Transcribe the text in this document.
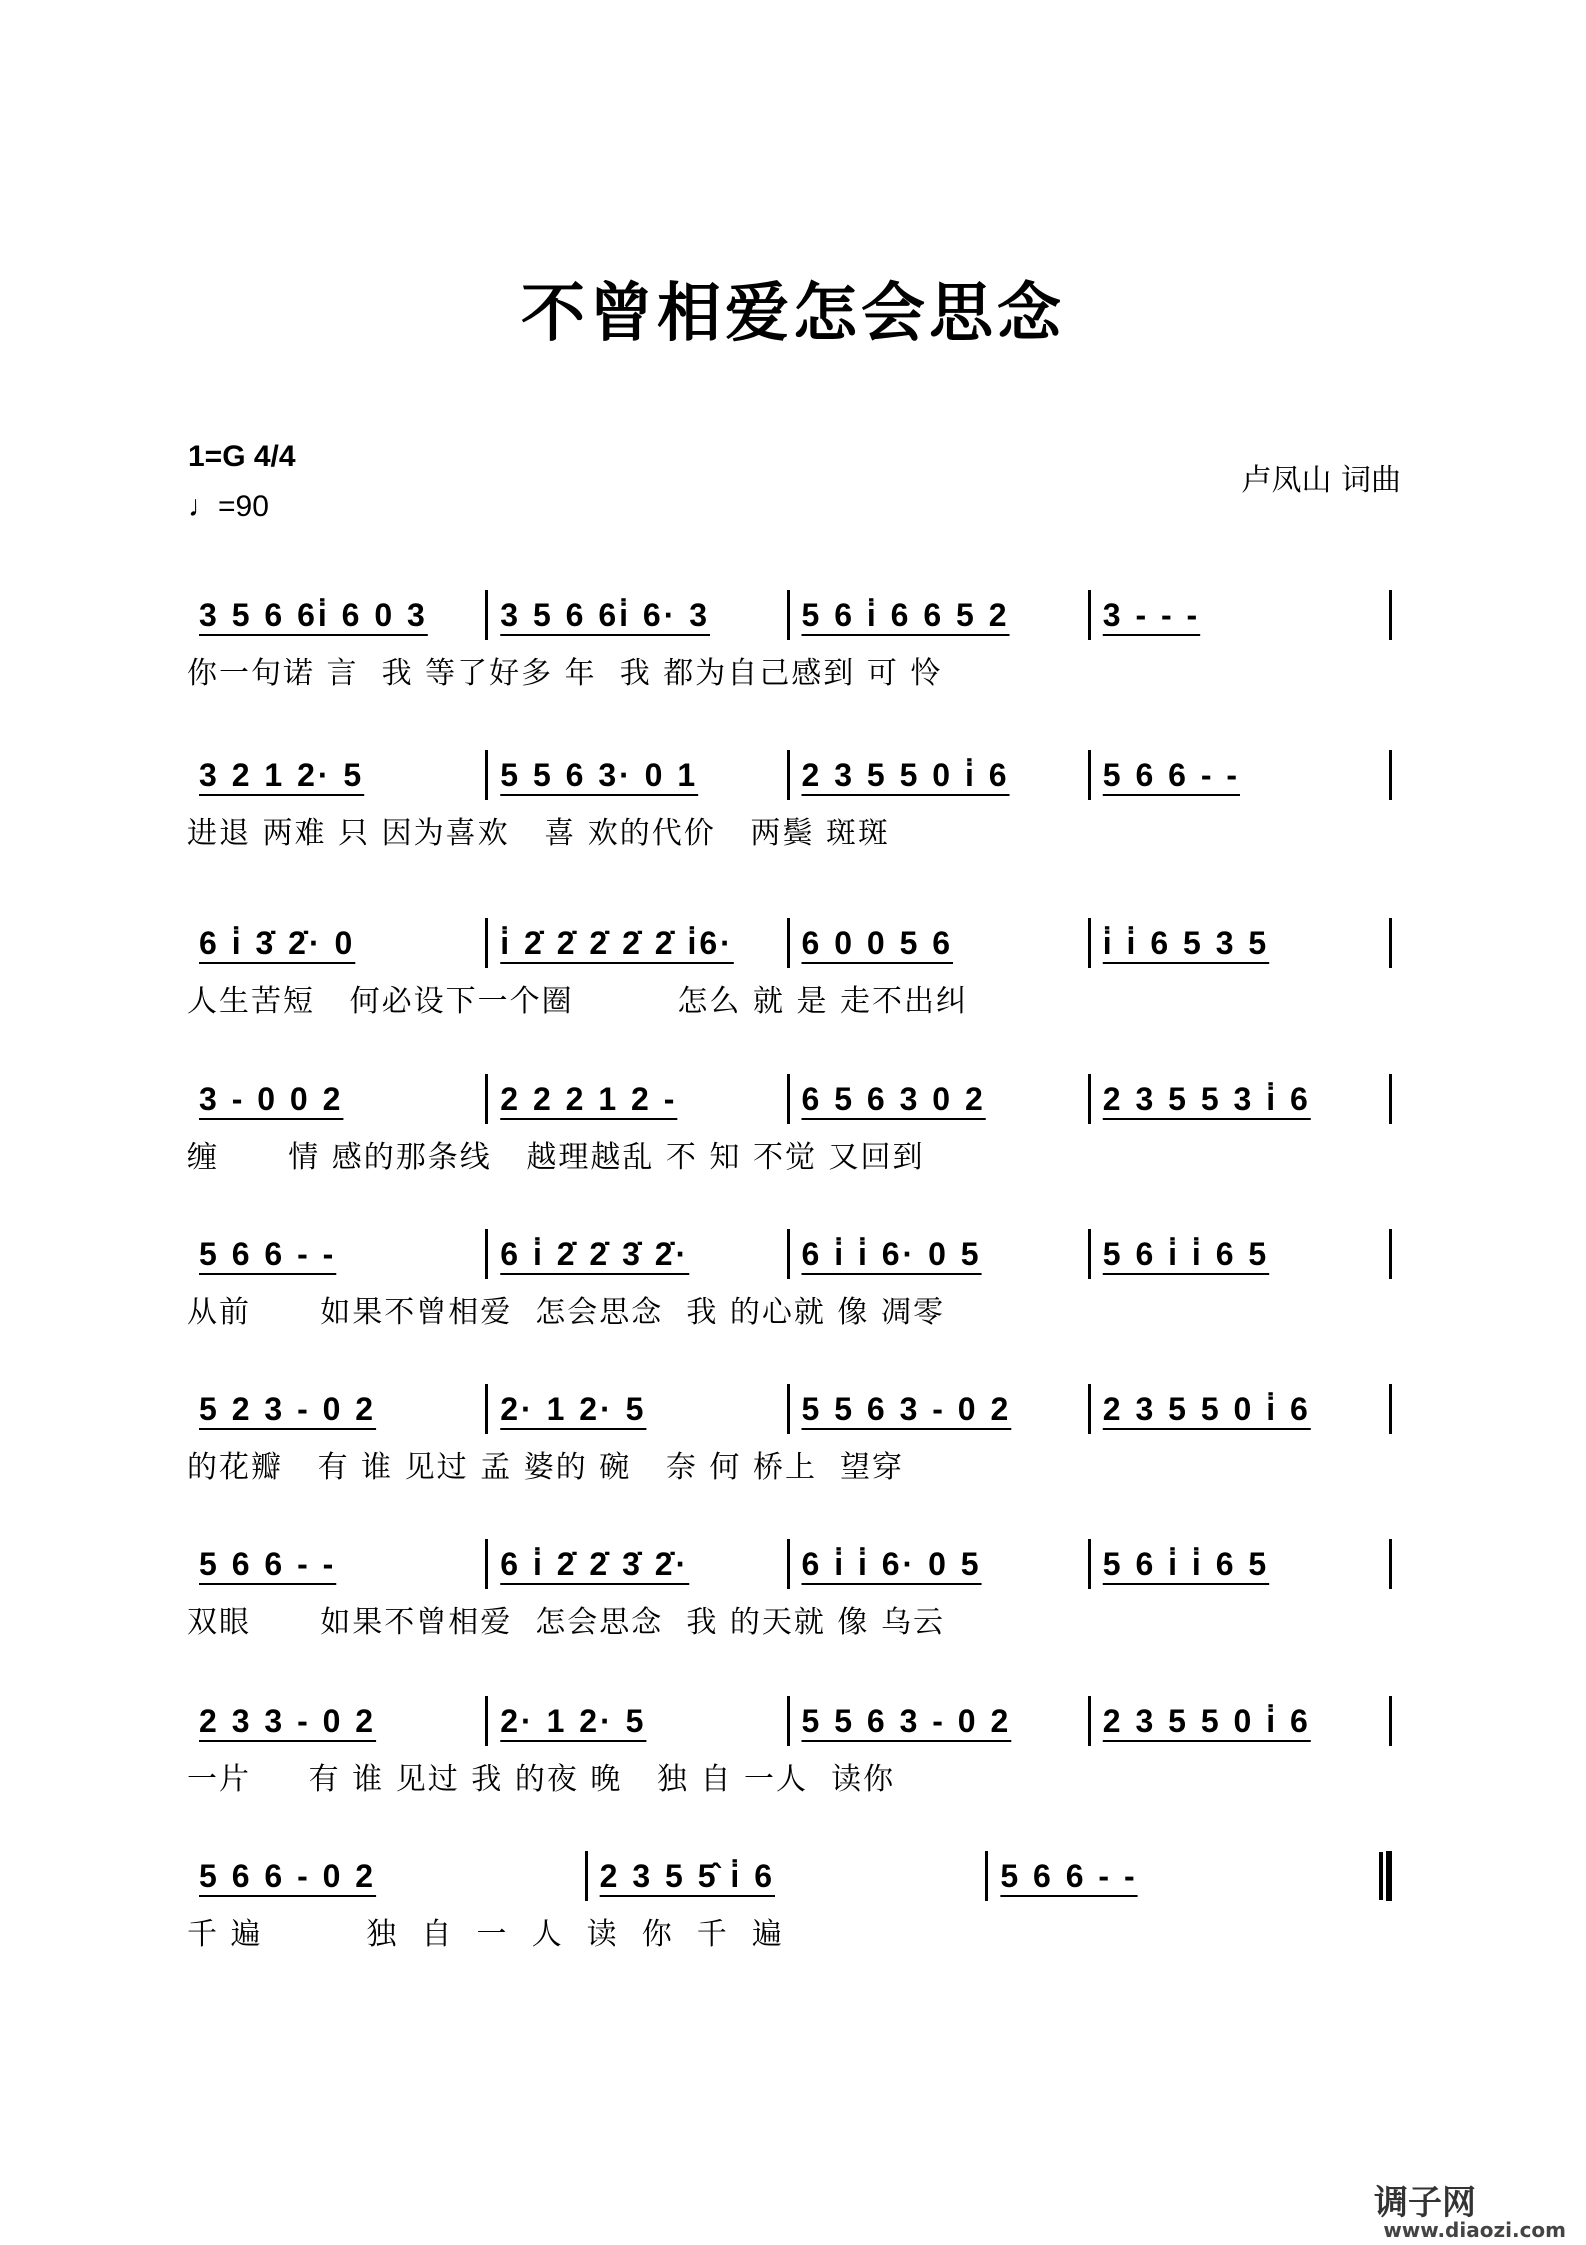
不曾相爱怎会思念
1=G 4/4
♩=90
卢凤山 词曲
3 5 6 6i̇ 6 0 3	3 5 6 6i̇ 6· 3	5 6 i̇ 6 6 5 2	3 - - -
你一句诺 言  我 等了好多 年  我 都为自己感到 可 怜
3 2 1 2· 5	5 5 6 3· 0 1	2 3 5 5 0 i̇ 6	5 6 6 - -
进退 两难 只 因为喜欢   喜 欢的代价   两鬓 斑斑
6 i̇ 3̇ 2̇· 0	i̇ 2̇ 2̇ 2̇ 2̇ 2̇ i̇6·	6 0 0 5 6	i̇ i̇ 6 5 3 5
人生苦短   何必设下一个圈         怎么 就 是 走不出纠
3 - 0 0 2	2 2 2 1 2 -	6 5 6 3 0 2	2 3 5 5 3 i̇ 6
缠      情 感的那条线   越理越乱 不 知 不觉 又回到
5 6 6 - -	6 i̇ 2̇ 2̇ 3̇ 2̇·	6 i̇ i̇ 6· 0 5	5 6 i̇ i̇ 6 5
从前      如果不曾相爱  怎会思念  我 的心就 像 凋零
5 2 3 - 0 2	2· 1 2· 5	5 5 6 3 - 0 2	2 3 5 5 0 i̇ 6
的花瓣   有 谁 见过 孟 婆的 碗   奈 何 桥上  望穿
5 6 6 - -	6 i̇ 2̇ 2̇ 3̇ 2̇·	6 i̇ i̇ 6· 0 5	5 6 i̇ i̇ 6 5
双眼      如果不曾相爱  怎会思念  我 的天就 像 乌云
2 3 3 - 0 2	2· 1 2· 5	5 5 6 3 - 0 2	2 3 5 5 0 i̇ 6
一片     有 谁 见过 我 的夜 晚   独 自 一人  读你
5 6 6 - 0 2	2 3 5 5̂ i̇ 6	5 6 6 - -
千 遍         独  自  一  人  读  你  千  遍
调子网
www.diaozi.com
